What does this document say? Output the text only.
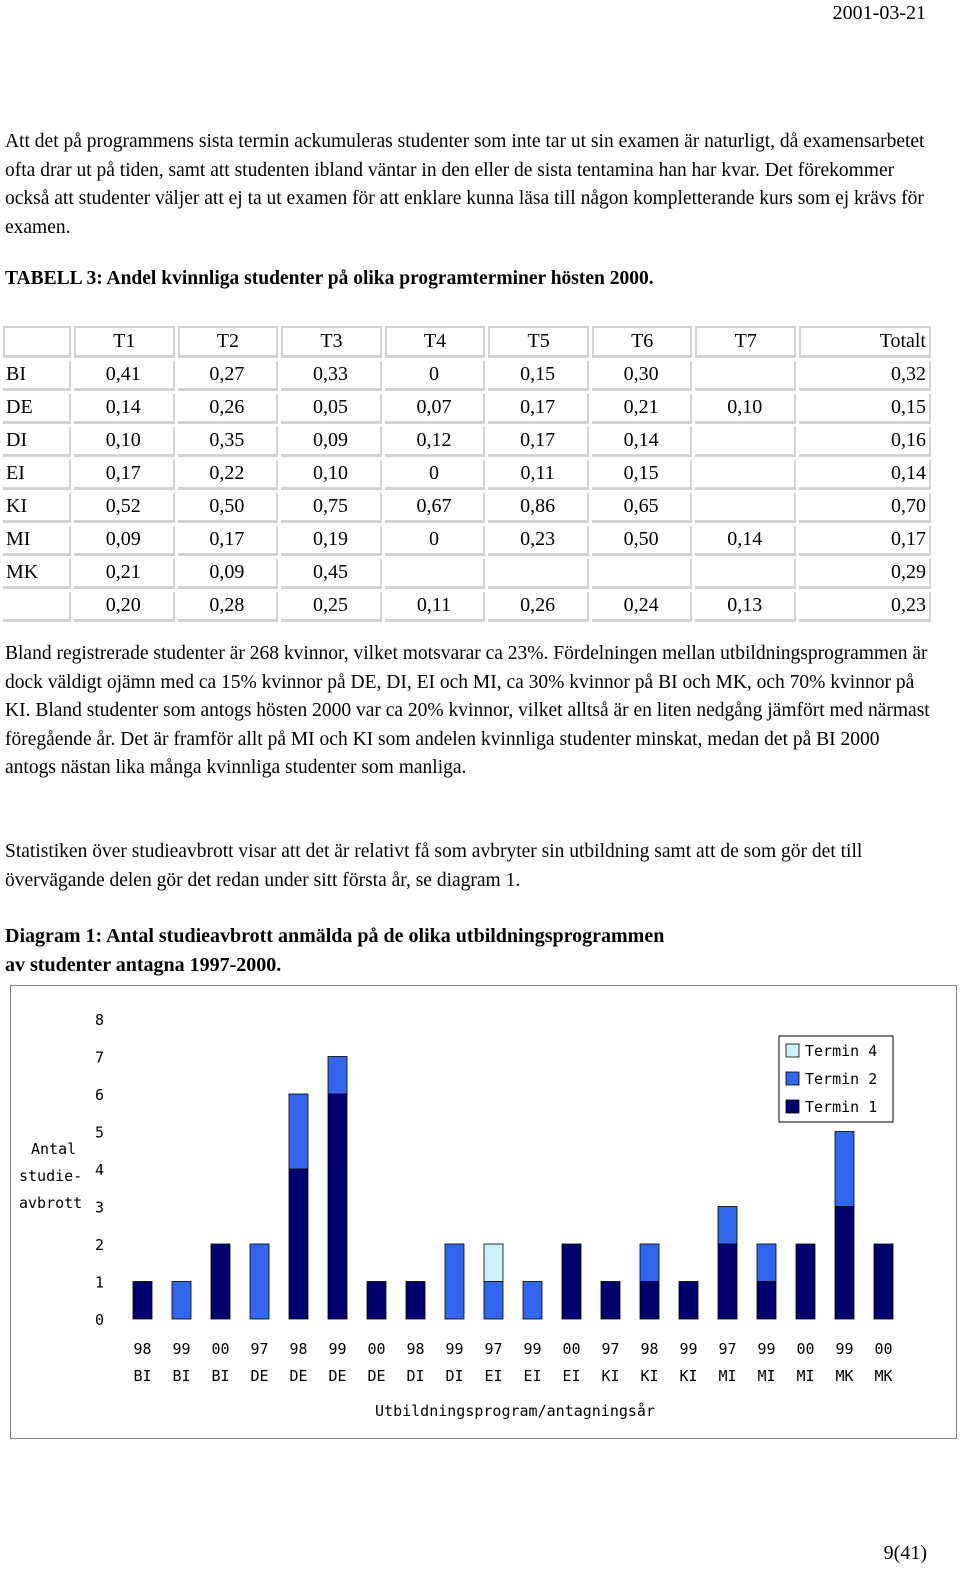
2001-03-21

Att det på programmens sista termin ackumuleras studenter som inte tar ut sin examen är naturligt, då examensarbetet ofta drar ut på tiden, samt att studenten ibland väntar in den eller de sista tentamina han har kvar. Det förekommer också att studenter väljer att ej ta ut examen för att enklare kunna läsa till någon kompletterande kurs som ej krävs för examen.

TABELL 3: Andel kvinnliga studenter på olika programterminer hösten 2000.

	T1	T2	T3	T4	T5	T6	T7	Totalt
BI	0,41	0,27	0,33	0	0,15	0,30		0,32
DE	0,14	0,26	0,05	0,07	0,17	0,21	0,10	0,15
DI	0,10	0,35	0,09	0,12	0,17	0,14		0,16
EI	0,17	0,22	0,10	0	0,11	0,15		0,14
KI	0,52	0,50	0,75	0,67	0,86	0,65		0,70
MI	0,09	0,17	0,19	0	0,23	0,50	0,14	0,17
MK	0,21	0,09	0,45					0,29
	0,20	0,28	0,25	0,11	0,26	0,24	0,13	0,23

Bland registrerade studenter är 268 kvinnor, vilket motsvarar ca 23%. Fördelningen mellan utbildningsprogrammen är dock väldigt ojämn med ca 15% kvinnor på DE, DI, EI och MI, ca 30% kvinnor på BI och MK, och 70% kvinnor på KI. Bland studenter som antogs hösten 2000 var ca 20% kvinnor, vilket alltså är en liten nedgång jämfört med närmast föregående år. Det är framför allt på MI och KI som andelen kvinnliga studenter minskat, medan det på BI 2000 antogs nästan lika många kvinnliga studenter som manliga.

Statistiken över studieavbrott visar att det är relativt få som avbryter sin utbildning samt att de som gör det till övervägande delen gör det redan under sitt första år, se diagram 1.

Diagram 1: Antal studieavbrott anmälda på de olika utbildningsprogrammen
av studenter antagna 1997-2000.
0
1
2
3
4
5
6
7
8
Antal
studie-
avbrott
98
BI
99
BI
00
BI
97
DE
98
DE
99
DE
00
DE
98
DI
99
DI
97
EI
99
EI
00
EI
97
KI
98
KI
99
KI
97
MI
99
MI
00
MI
99
MK
00
MK
Utbildningsprogram/antagningsår
Termin 4
Termin 2
Termin 1
9(41)
